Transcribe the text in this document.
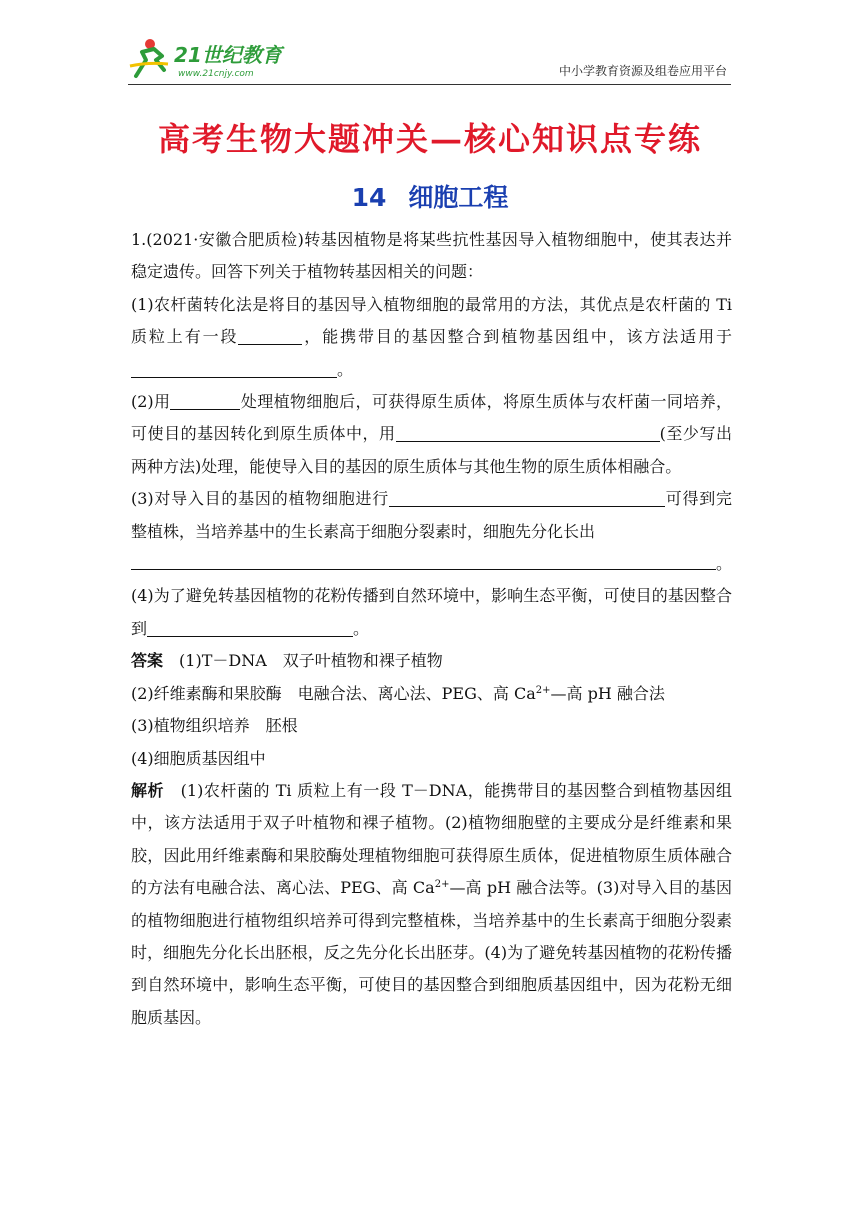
21世纪教育
www.21cnjy.com	中小学教育资源及组卷应用平台
高考生物大题冲关—核心知识点专练
14 细胞工程

1.(2021·安徽合肥质检)转基因植物是将某些抗性基因导入植物细胞中，使其表达并稳定遗传。回答下列关于植物转基因相关的问题：

(1)农杆菌转化法是将目的基因导入植物细胞的最常用的方法，其优点是农杆菌的 Ti 质粒上有一段	，能携带目的基因整合到植物基因组中，该方法适用于。

(2)用	处理植物细胞后，可获得原生质体，将原生质体与农杆菌一同培养，可使目的基因转化到原生质体中，用	(至少写出两种方法)处理，能使导入目的基因的原生质体与其他生物的原生质体相融合。

(3)对导入目的基因的植物细胞进行	可得到完整植株，当培养基中的生长素高于细胞分裂素时，细胞先分化长出

。

(4)为了避免转基因植物的花粉传播到自然环境中，影响生态平衡，可使目的基因整合到	。

答案　 (1)T－DNA　双子叶植物和裸子植物

(2)纤维素酶和果胶酶　电融合法、离心法、PEG、高 $Ca^{2+}—$高 pH 融合法

(3)植物组织培养　胚根

(4)细胞质基因组中

解析　(1)农杆菌的 Ti 质粒上有一段 T－DNA，能携带目的基因整合到植物基因组中，该方法适用于双子叶植物和裸子植物。(2)植物细胞壁的主要成分是纤维素和果胶，因此用纤维素酶和果胶酶处理植物细胞可获得原生质体，促进植物原生质体融合的方法有电融合法、离心法、PEG、高 $Ca^{2+}—$高 pH 融合法等。(3)对导入目的基因的植物细胞进行植物组织培养可得到完整植株，当培养基中的生长素高于细胞分裂素时，细胞先分化长出胚根，反之先分化长出胚芽。(4)为了避免转基因植物的花粉传播到自然环境中，影响生态平衡，可使目的基因整合到细胞质基因组中，因为花粉无细胞质基因。
